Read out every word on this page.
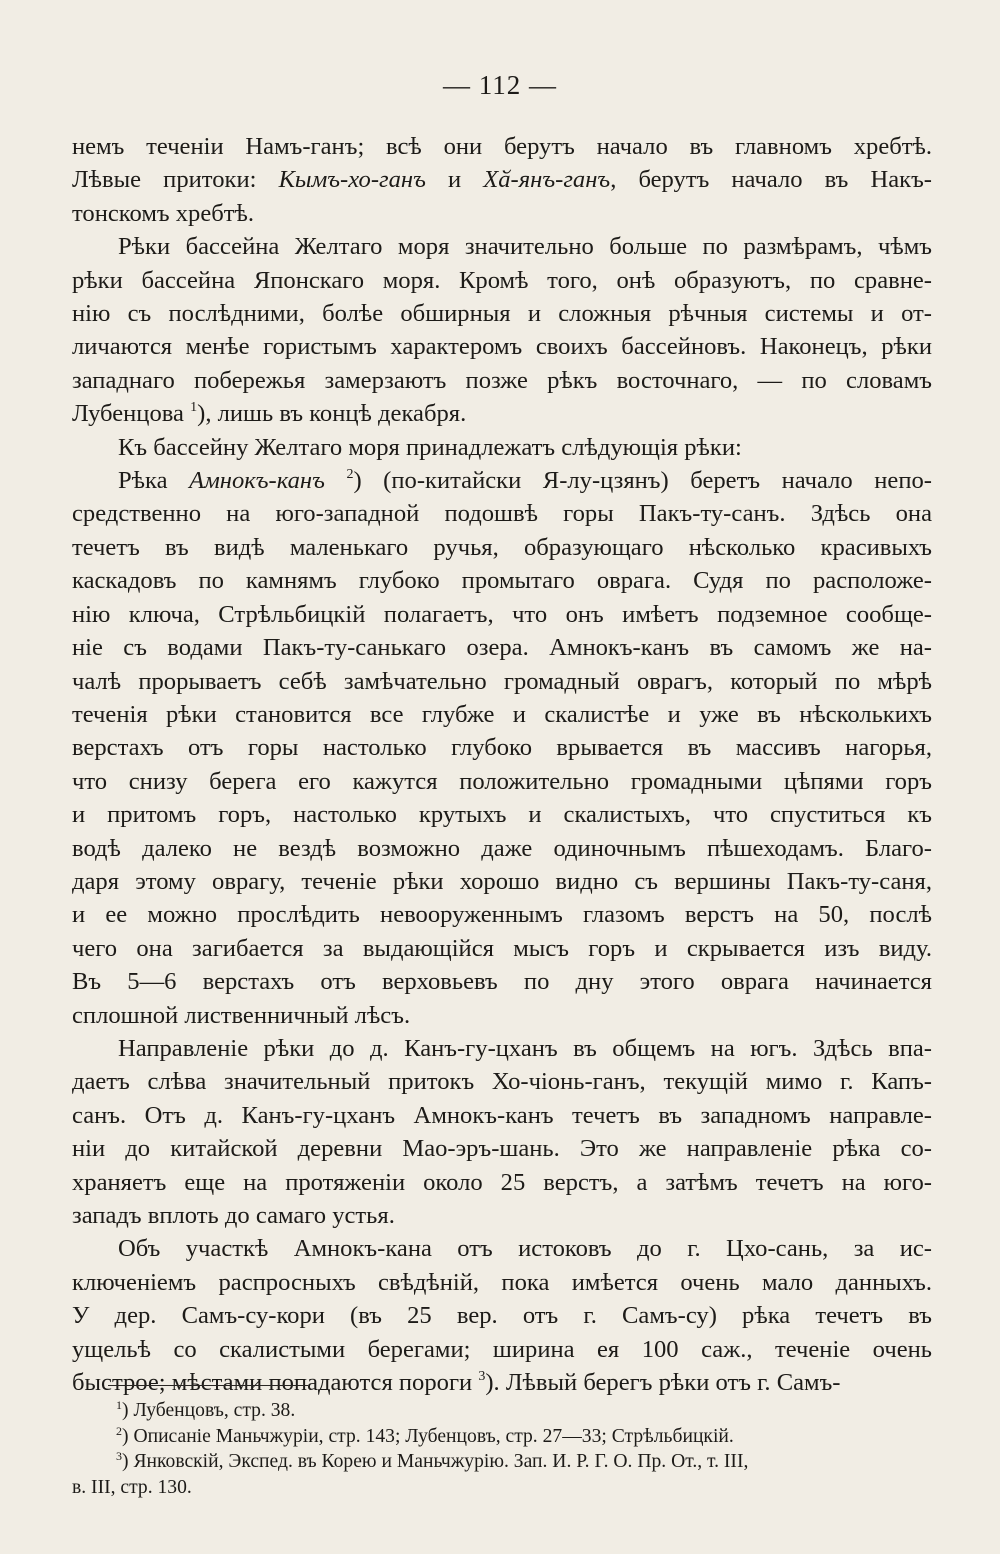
— 112 —
немъ теченіи Намъ-ганъ; всѣ они берутъ начало въ главномъ хребтѣ.
Лѣвые притоки: Кымъ-хо-ганъ и Хӑ-янъ-ганъ, берутъ начало въ Накъ-
тонскомъ хребтѣ.
Рѣки бассейна Желтаго моря значительно больше по размѣрамъ, чѣмъ
рѣки бассейна Японскаго моря. Кромѣ того, онѣ образуютъ, по сравне-
нію съ послѣдними, болѣе обширныя и сложныя рѣчныя системы и от-
личаются менѣе гористымъ характеромъ своихъ бассейновъ. Наконецъ, рѣки
западнаго побережья замерзаютъ позже рѣкъ восточнаго, — по словамъ
Лубенцова $^1$), лишь въ концѣ декабря.
Къ бассейну Желтаго моря принадлежатъ слѣдующія рѣки:
Рѣка Амнокъ-канъ $^2$) (по-китайски Я-лу-цзянъ) беретъ начало непо-
средственно на юго-западной подошвѣ горы Пакъ-ту-санъ. Здѣсь она
течетъ въ видѣ маленькаго ручья, образующаго нѣсколько красивыхъ
каскадовъ по камнямъ глубоко промытаго оврага. Судя по расположе-
нію ключа, Стрѣльбицкій полагаетъ, что онъ имѣетъ подземное сообще-
ніе съ водами Пакъ-ту-санькаго озера. Амнокъ-канъ въ самомъ же на-
чалѣ прорываетъ себѣ замѣчательно громадный оврагъ, который по мѣрѣ
теченія рѣки становится все глубже и скалистѣе и уже въ нѣсколькихъ
верстахъ отъ горы настолько глубоко врывается въ массивъ нагорья,
что снизу берега его кажутся положительно громадными цѣпями горъ
и притомъ горъ, настолько крутыхъ и скалистыхъ, что спуститься къ
водѣ далеко не вездѣ возможно даже одиночнымъ пѣшеходамъ. Благо-
даря этому оврагу, теченіе рѣки хорошо видно съ вершины Пакъ-ту-саня,
и ее можно прослѣдить невооруженнымъ глазомъ верстъ на 50, послѣ
чего она загибается за выдающійся мысъ горъ и скрывается изъ виду.
Въ 5—6 верстахъ отъ верховьевъ по дну этого оврага начинается
сплошной лиственничный лѣсъ.
Направленіе рѣки до д. Канъ-гу-цханъ въ общемъ на югъ. Здѣсь впа-
даетъ слѣва значительный притокъ Хо-чіонь-ганъ, текущій мимо г. Капъ-
санъ. Отъ д. Канъ-гу-цханъ Амнокъ-канъ течетъ въ западномъ направле-
ніи до китайской деревни Мао-эръ-шань. Это же направленіе рѣка со-
храняетъ еще на протяженіи около 25 верстъ, а затѣмъ течетъ на юго-
западъ вплоть до самаго устья.
Объ участкѣ Амнокъ-кана отъ истоковъ до г. Цхо-сань, за ис-
ключеніемъ распросныхъ свѣдѣній, пока имѣется очень мало данныхъ.
У дер. Самъ-су-кори (въ 25 вер. отъ г. Самъ-су) рѣка течетъ въ
ущельѣ со скалистыми берегами; ширина ея 100 саж., теченіе очень
быстрое; мѣстами попадаются пороги $^3$). Лѣвый берегъ рѣки отъ г. Самъ-
$^1$) Лубенцовъ, стр. 38.
$^2$) Описаніе Маньчжуріи, стр. 143; Лубенцовъ, стр. 27—33; Стрѣльбицкій.
$^3$) Янковскій, Экспед. въ Корею и Маньчжурію. Зап. И. Р. Г. О. Пр. От., т. III,
в. III, стр. 130.
